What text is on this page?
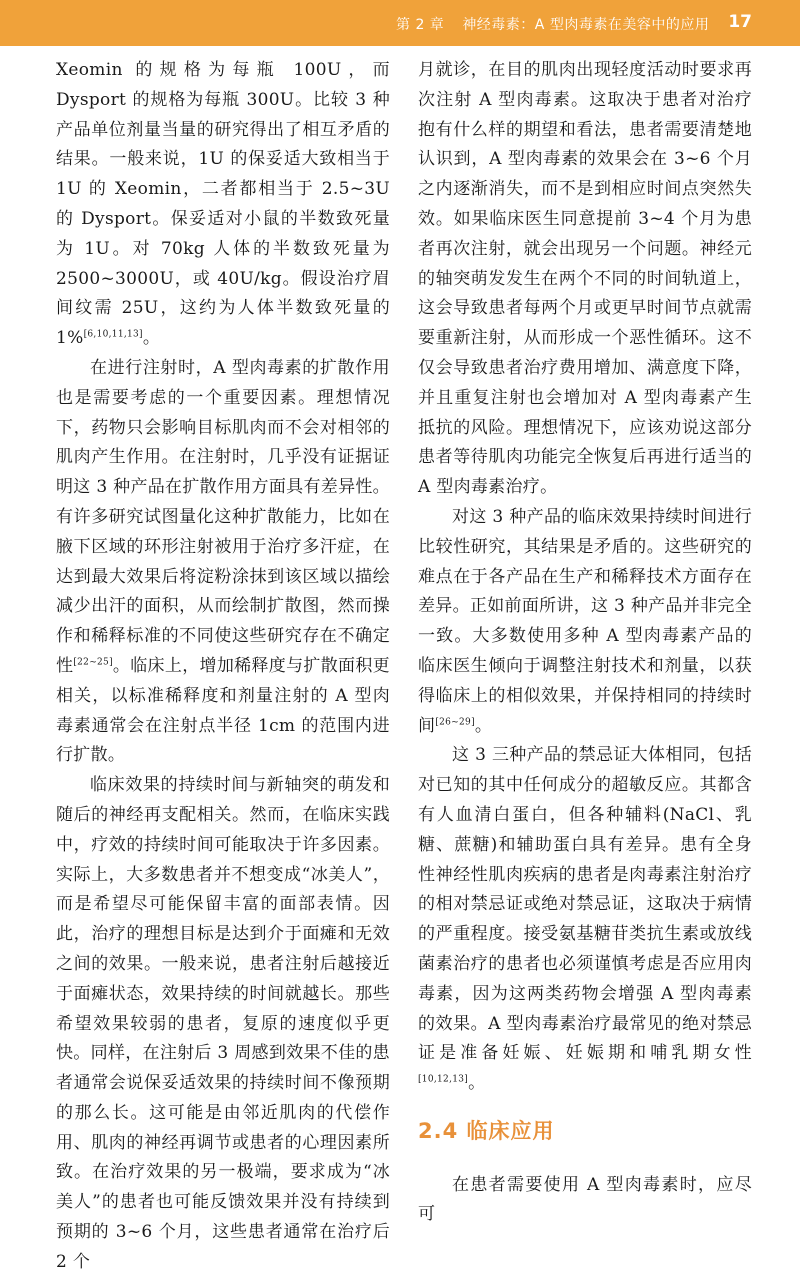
第 2 章 神经毒素：A 型肉毒素在美容中的应用 17

Xeomin 的规格为每瓶 100U，而 Dysport 的规格为每瓶 300U。比较 3 种产品单位剂量当量的研究得出了相互矛盾的结果。一般来说，1U 的保妥适大致相当于 1U 的 Xeomin，二者都相当于 2.5~3U 的 Dysport。保妥适对小鼠的半数致死量为 1U。对 70kg 人体的半数致死量为 2500~3000U，或 40U/kg。假设治疗眉间纹需 25U，这约为人体半数致死量的 1%[6,10,11,13]。

在进行注射时，A 型肉毒素的扩散作用也是需要考虑的一个重要因素。理想情况下，药物只会影响目标肌肉而不会对相邻的肌肉产生作用。在注射时，几乎没有证据证明这 3 种产品在扩散作用方面具有差异性。有许多研究试图量化这种扩散能力，比如在腋下区域的环形注射被用于治疗多汗症，在达到最大效果后将淀粉涂抹到该区域以描绘减少出汗的面积，从而绘制扩散图，然而操作和稀释标准的不同使这些研究存在不确定性[22~25]。临床上，增加稀释度与扩散面积更相关，以标准稀释度和剂量注射的 A 型肉毒素通常会在注射点半径 1cm 的范围内进行扩散。

临床效果的持续时间与新轴突的萌发和随后的神经再支配相关。然而，在临床实践中，疗效的持续时间可能取决于许多因素。实际上，大多数患者并不想变成“冰美人”，而是希望尽可能保留丰富的面部表情。因此，治疗的理想目标是达到介于面瘫和无效之间的效果。一般来说，患者注射后越接近于面瘫状态，效果持续的时间就越长。那些希望效果较弱的患者，复原的速度似乎更快。同样，在注射后 3 周感到效果不佳的患者通常会说保妥适效果的持续时间不像预期的那么长。这可能是由邻近肌肉的代偿作用、肌肉的神经再调节或患者的心理因素所致。在治疗效果的另一极端，要求成为“冰美人”的患者也可能反馈效果并没有持续到预期的 3~6 个月，这些患者通常在治疗后 2 个

月就诊，在目的肌肉出现轻度活动时要求再次注射 A 型肉毒素。这取决于患者对治疗抱有什么样的期望和看法，患者需要清楚地认识到，A 型肉毒素的效果会在 3~6 个月之内逐渐消失，而不是到相应时间点突然失效。如果临床医生同意提前 3~4 个月为患者再次注射，就会出现另一个问题。神经元的轴突萌发发生在两个不同的时间轨道上，这会导致患者每两个月或更早时间节点就需要重新注射，从而形成一个恶性循环。这不仅会导致患者治疗费用增加、满意度下降，并且重复注射也会增加对 A 型肉毒素产生抵抗的风险。理想情况下，应该劝说这部分患者等待肌肉功能完全恢复后再进行适当的 A 型肉毒素治疗。

对这 3 种产品的临床效果持续时间进行比较性研究，其结果是矛盾的。这些研究的难点在于各产品在生产和稀释技术方面存在差异。正如前面所讲，这 3 种产品并非完全一致。大多数使用多种 A 型肉毒素产品的临床医生倾向于调整注射技术和剂量，以获得临床上的相似效果，并保持相同的持续时间[26~29]。

这 3 三种产品的禁忌证大体相同，包括对已知的其中任何成分的超敏反应。其都含有人血清白蛋白，但各种辅料(NaCl、乳糖、蔗糖)和辅助蛋白具有差异。患有全身性神经性肌肉疾病的患者是肉毒素注射治疗的相对禁忌证或绝对禁忌证，这取决于病情的严重程度。接受氨基糖苷类抗生素或放线菌素治疗的患者也必须谨慎考虑是否应用肉毒素，因为这两类药物会增强 A 型肉毒素的效果。A 型肉毒素治疗最常见的绝对禁忌证是准备妊娠、妊娠期和哺乳期女性[10,12,13]。

2.4 临床应用

在患者需要使用 A 型肉毒素时，应尽可
